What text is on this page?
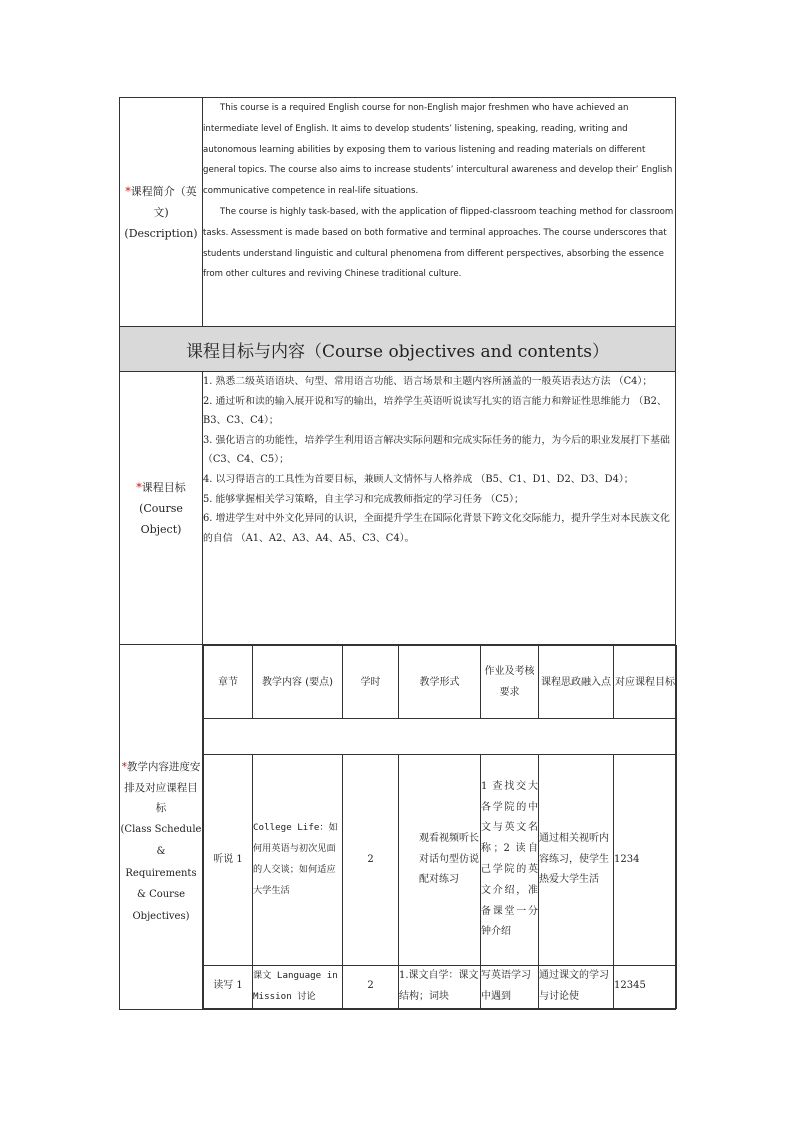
*课程简介（英文)
(Description)	

This course is a required English course for non-English major freshmen who have achieved an intermediate level of English. It aims to develop students’ listening, speaking, reading, writing and autonomous learning abilities by exposing them to various listening and reading materials on different general topics. The course also aims to increase students’ intercultural awareness and develop their’ English communicative competence in real-life situations.

The course is highly task-based, with the application of flipped-classroom teaching method for classroom tasks. Assessment is made based on both formative and terminal approaches. The course underscores that students understand linguistic and cultural phenomena from different perspectives, absorbing the essence from other cultures and reviving Chinese traditional culture.

课程目标与内容（Course objectives and contents）
*课程目标
(Course Object)	

1. 熟悉二级英语语块、句型、常用语言功能、语言场景和主题内容所涵盖的一般英语表达方法 （C4）；

2. 通过听和读的输入展开说和写的输出，培养学生英语听说读写扎实的语言能力和辩证性思维能力 （B2、B3、C3、C4）；

3. 强化语言的功能性，培养学生利用语言解决实际问题和完成实际任务的能力，为今后的职业发展打下基础 （C3、C4、C5）；

4. 以习得语言的工具性为首要目标，兼顾人文情怀与人格养成 （B5、C1、D1、D2、D3、D4）；

5. 能够掌握相关学习策略，自主学习和完成教师指定的学习任务 （C5）；

6. 增进学生对中外文化异同的认识，全面提升学生在国际化背景下跨文化交际能力，提升学生对本民族文化的自信 （A1、A2、A3、A4、A5、C3、C4）。

*教学内容进度安排及对应课程目标
(Class Schedule & Requirements & Course Objectives)	
章节	教学内容 (要点)	学时	教学形式	作业及考核要求	课程思政融入点	对应课程目标

听说 1	College Life：如何用英语与初次见面的人交谈；如何适应大学生活	2	观看视频听长对话句型仿说配对练习	1 查找交大各学院的中文与英文名称；2 读自己学院的英文介绍，准备课堂一分钟介绍	通过相关视听内容练习，使学生热爱大学生活	1234
读写 1	课文 Language in Mission 讨论	2	1.课文自学：课文结构；词块	写英语学习中遇到	通过课文的学习与讨论使	12345
